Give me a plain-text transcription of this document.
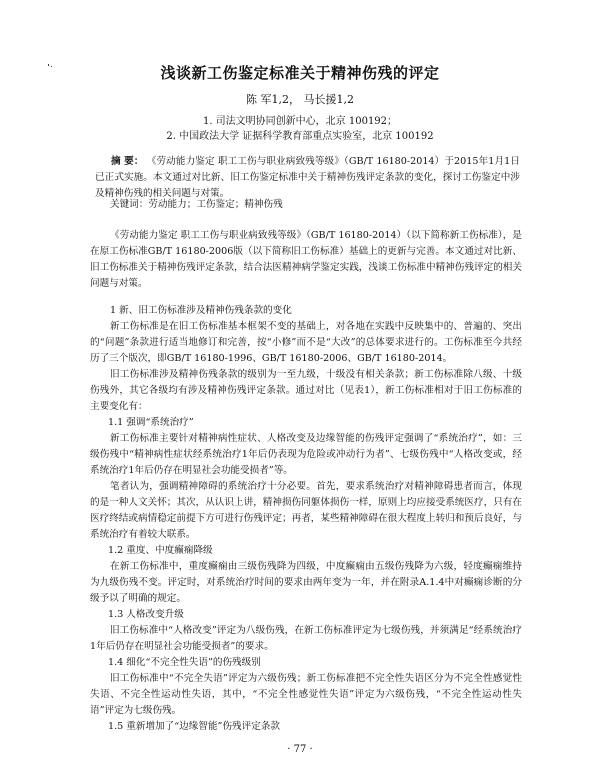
浅谈新工伤鉴定标准关于精神伤残的评定
陈 军1,2， 马长援1,2
1. 司法文明协同创新中心，北京 100192；
2. 中国政法大学 证据科学教育部重点实验室，北京 100192
摘 要： 《劳动能力鉴定 职工工伤与职业病致残等级》（GB/T 16180-2014）于2015年1月1日已正式实施。本文通过对比新、旧工伤鉴定标准中关于精神伤残评定条款的变化，探讨工伤鉴定中涉及精神伤残的相关问题与对策。
关键词：劳动能力；工伤鉴定；精神伤残

《劳动能力鉴定 职工工伤与职业病致残等级》（GB/T 16180-2014）（以下简称新工伤标准），是在原工伤标准GB/T 16180-2006版（以下简称旧工伤标准）基础上的更新与完善。本文通过对比新、旧工伤标准关于精神伤残评定条款，结合法医精神病学鉴定实践，浅谈工伤标准中精神伤残评定的相关问题与对策。

1 新、旧工伤标准涉及精神伤残条款的变化

新工伤标准是在旧工伤标准基本框架不变的基础上，对各地在实践中反映集中的、普遍的、突出的“问题”条款进行适当地修订和完善，按“小修”而不是“大改”的总体要求进行的。工伤标准至今共经历了三个版次，即GB/T 16180-1996、GB/T 16180-2006、GB/T 16180-2014。

旧工伤标准涉及精神伤残条款的级别为一至九级，十级没有相关条款；新工伤标准除八级、十级伤残外，其它各级均有涉及精神伤残评定条款。通过对比（见表1），新工伤标准相对于旧工伤标准的主要变化有：

1.1 强调“系统治疗”

新工伤标准主要针对精神病性症状、人格改变及边缘智能的伤残评定强调了“系统治疗”，如：三级伤残中“精神病性症状经系统治疗1年后仍表现为危险或冲动行为者”、七级伤残中“人格改变或，经系统治疗1年后仍存在明显社会功能受损者”等。

笔者认为，强调精神障碍的系统治疗十分必要。首先，要求系统治疗对精神障碍患者而言，体现的是一种人文关怀；其次，从认识上讲，精神损伤同躯体损伤一样，原则上均应接受系统医疗，只有在医疗终结或病情稳定前提下方可进行伤残评定；再者，某些精神障碍在很大程度上转归和预后良好，与系统治疗有着较大联系。

1.2 重度、中度癫痫降级

在新工伤标准中，重度癫痫由三级伤残降为四级，中度癫痫由五级伤残降为六级，轻度癫痫维持为九级伤残不变。评定时，对系统治疗时间的要求由两年变为一年，并在附录A.1.4中对癫痫诊断的分级予以了明确的规定。

1.3 人格改变升级

旧工伤标准中“人格改变”评定为八级伤残，在新工伤标准评定为七级伤残，并须满足“经系统治疗1年后仍存在明显社会功能受损者”的要求。

1.4 细化“不完全性失语”的伤残级别

旧工伤标准中“不完全失语”评定为六级伤残；新工伤标准把不完全性失语区分为不完全性感觉性失语、不完全性运动性失语，其中，“不完全性感觉性失语”评定为六级伤残，“不完全性运动性失语”评定为七级伤残。

1.5 重新增加了“边缘智能”伤残评定条款

· 77 ·
